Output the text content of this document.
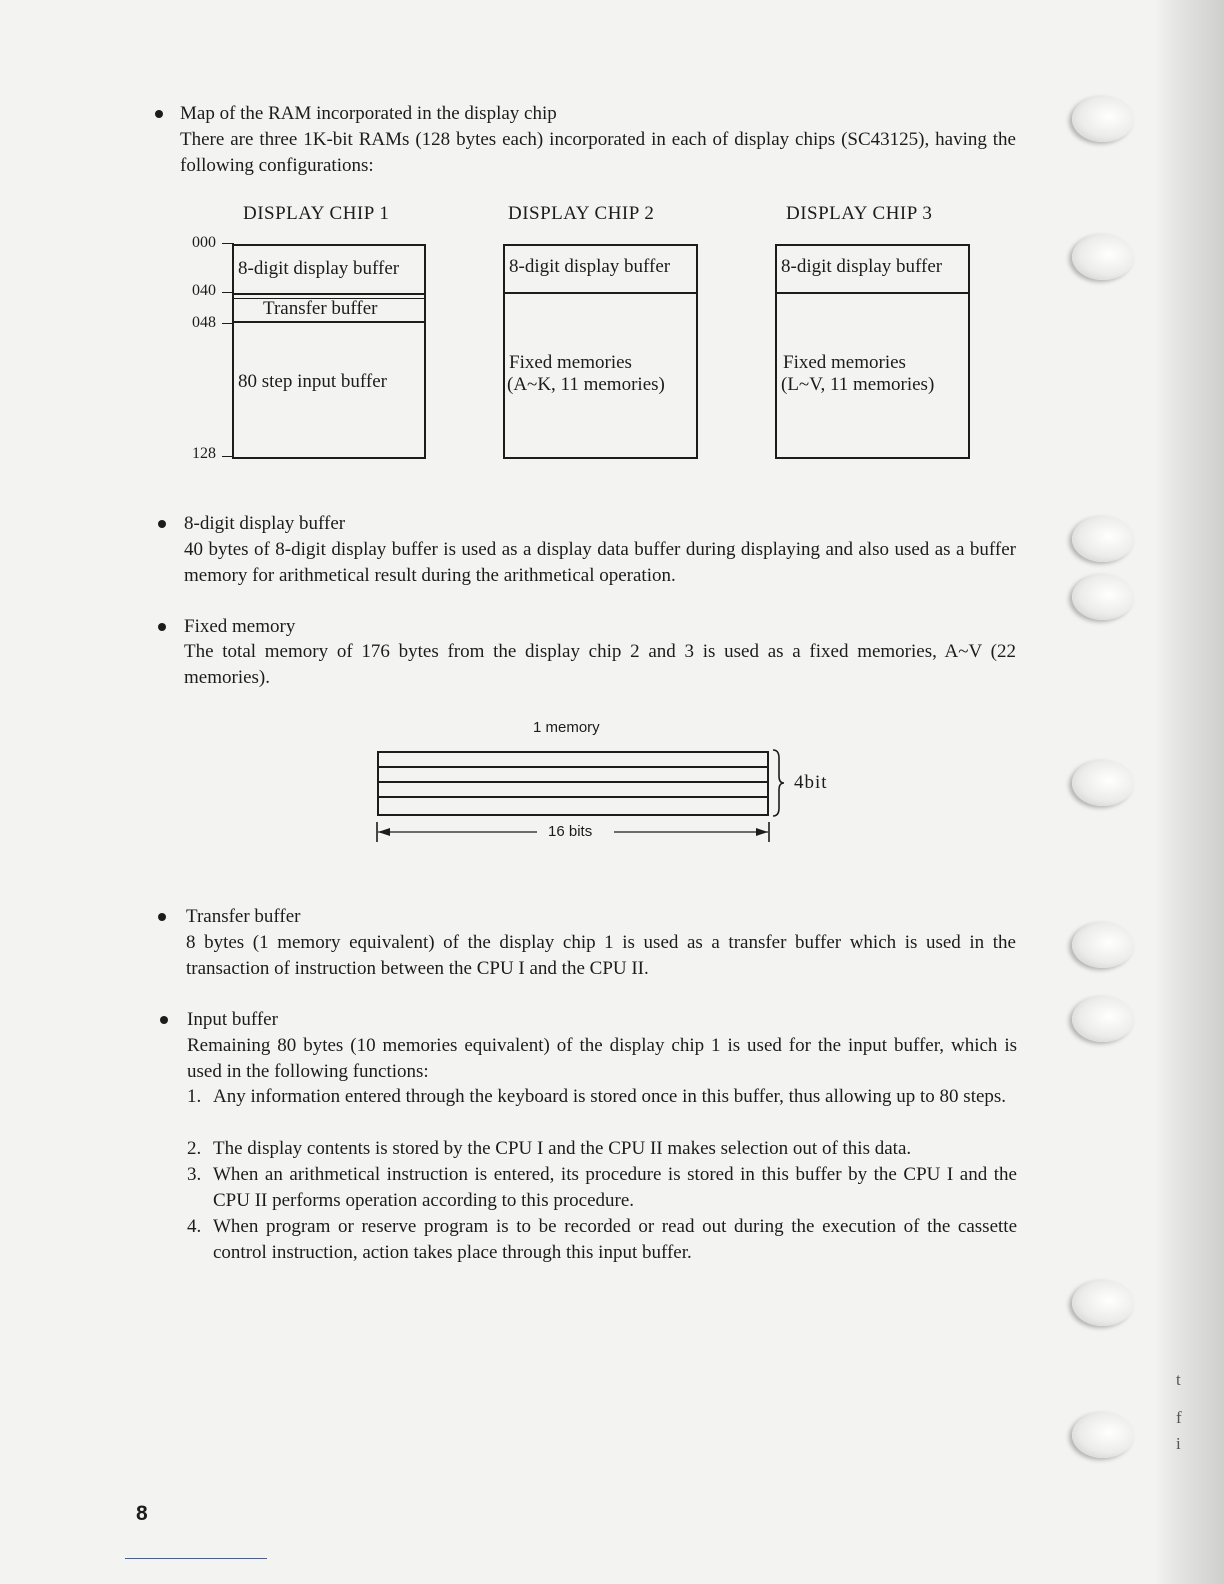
t
f
i
Map of the RAM incorporated in the display chip
There are three 1K-bit RAMs (128 bytes each) incorporated in each of display chips (SC43125), having the following configurations:
DISPLAY CHIP 1	DISPLAY CHIP 2	DISPLAY CHIP 3
000
040
048
128
8-digit display buffer
Transfer buffer
80 step input buffer
8-digit display buffer
Fixed memories
(A~K, 11 memories)
8-digit display buffer
Fixed memories
(L~V, 11 memories)
8-digit display buffer
40 bytes of 8-digit display buffer is used as a display data buffer during displaying and also used as a buffer memory for arithmetical result during the arithmetical operation.
Fixed memory
The total memory of 176 bytes from the display chip 2 and 3 is used as a fixed memories, A~V (22 memories).
1 memory
4bit
16 bits
Transfer buffer
8 bytes (1 memory equivalent) of the display chip 1 is used as a transfer buffer which is used in the transaction of instruction between the CPU I and the CPU II.
Input buffer
Remaining 80 bytes (10 memories equivalent) of the display chip 1 is used for the input buffer, which is used in the following functions:
1. Any information entered through the keyboard is stored once in this buffer, thus allowing up to 80 steps.
2. The display contents is stored by the CPU I and the CPU II makes selection out of this data.
3. When an arithmetical instruction is entered, its procedure is stored in this buffer by the CPU I and the CPU II performs operation according to this procedure.
4. When program or reserve program is to be recorded or read out during the execution of the cassette control instruction, action takes place through this input buffer.
8
